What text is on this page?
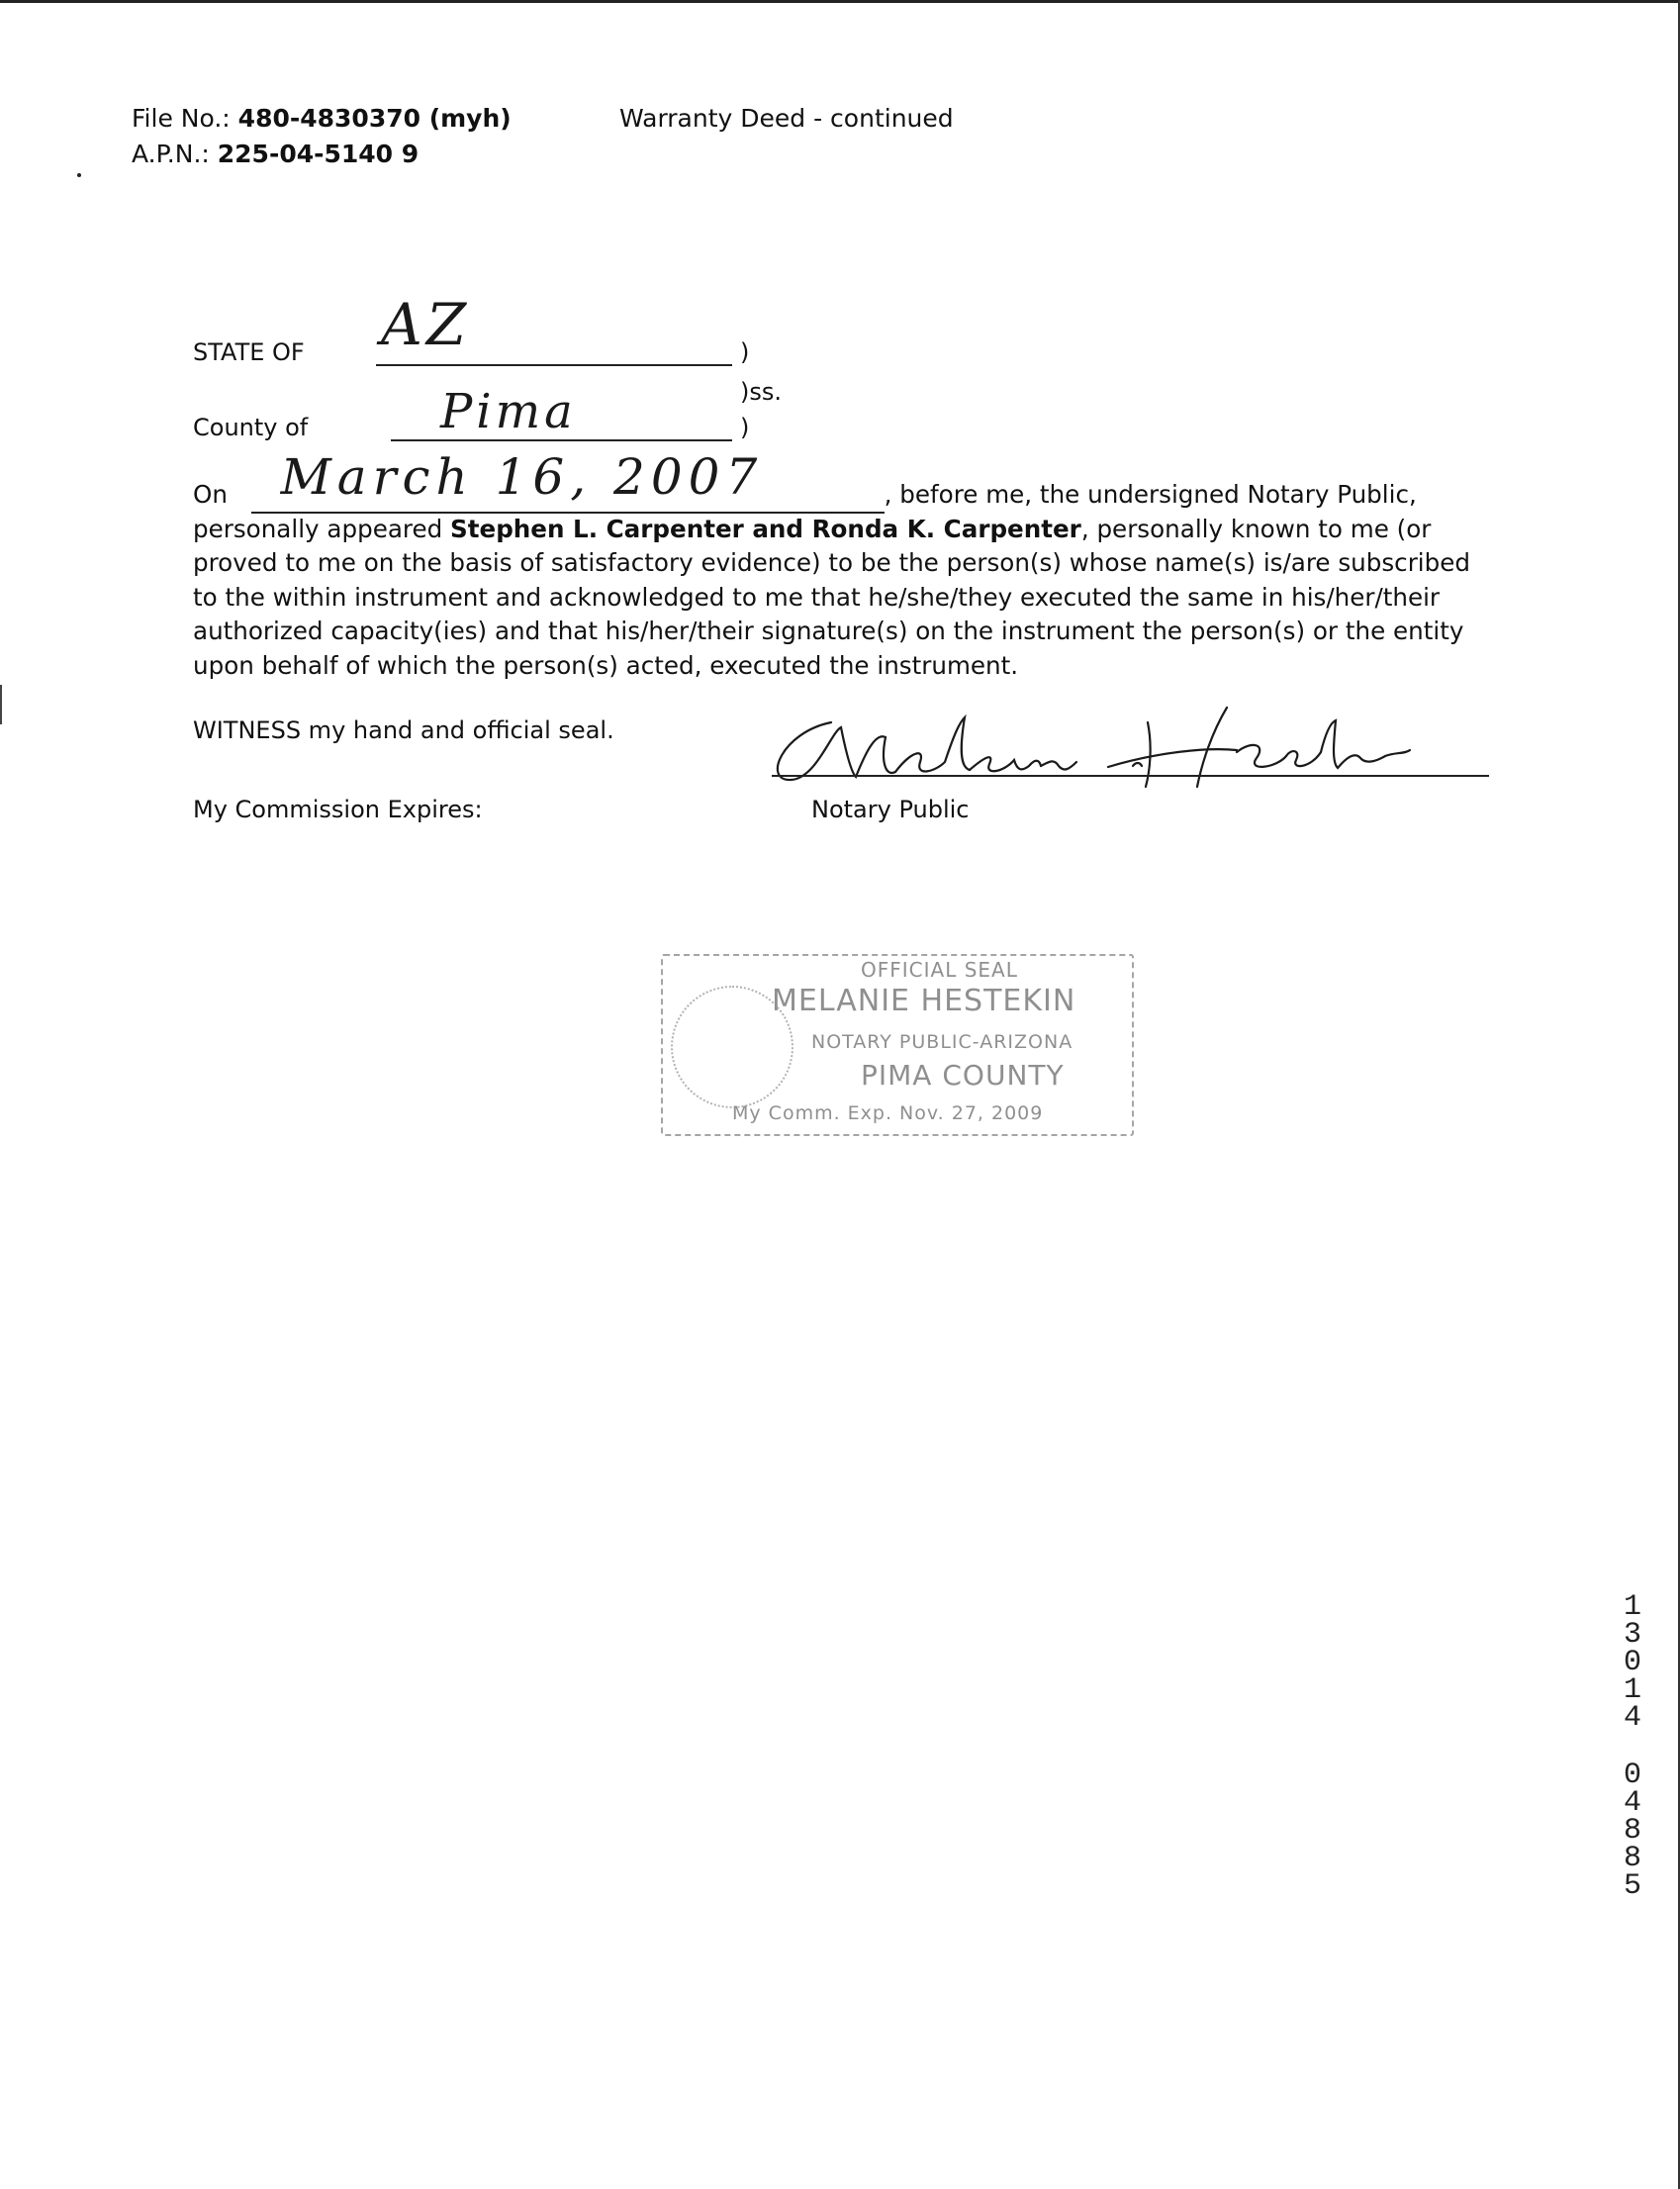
File No.: 480-4830370 (myh)	Warranty Deed - continued
A.P.N.: 225-04-5140 9
STATE OF AZ	)
)ss.
County of	Pima	)
On March 16, 2007	, before me, the undersigned Notary Public,
personally appeared Stephen L. Carpenter and Ronda K. Carpenter, personally known to me (or
proved to me on the basis of satisfactory evidence) to be the person(s) whose name(s) is/are subscribed
to the within instrument and acknowledged to me that he/she/they executed the same in his/her/their
authorized capacity(ies) and that his/her/their signature(s) on the instrument the person(s) or the entity
upon behalf of which the person(s) acted, executed the instrument.
WITNESS my hand and official seal.
My Commission Expires:	Notary Public
OFFICIAL SEAL
MELANIE HESTEKIN
NOTARY PUBLIC-ARIZONA
PIMA COUNTY
My Comm. Exp. Nov. 27, 2009
1
3
0
1
4
0
4
8
8
5
